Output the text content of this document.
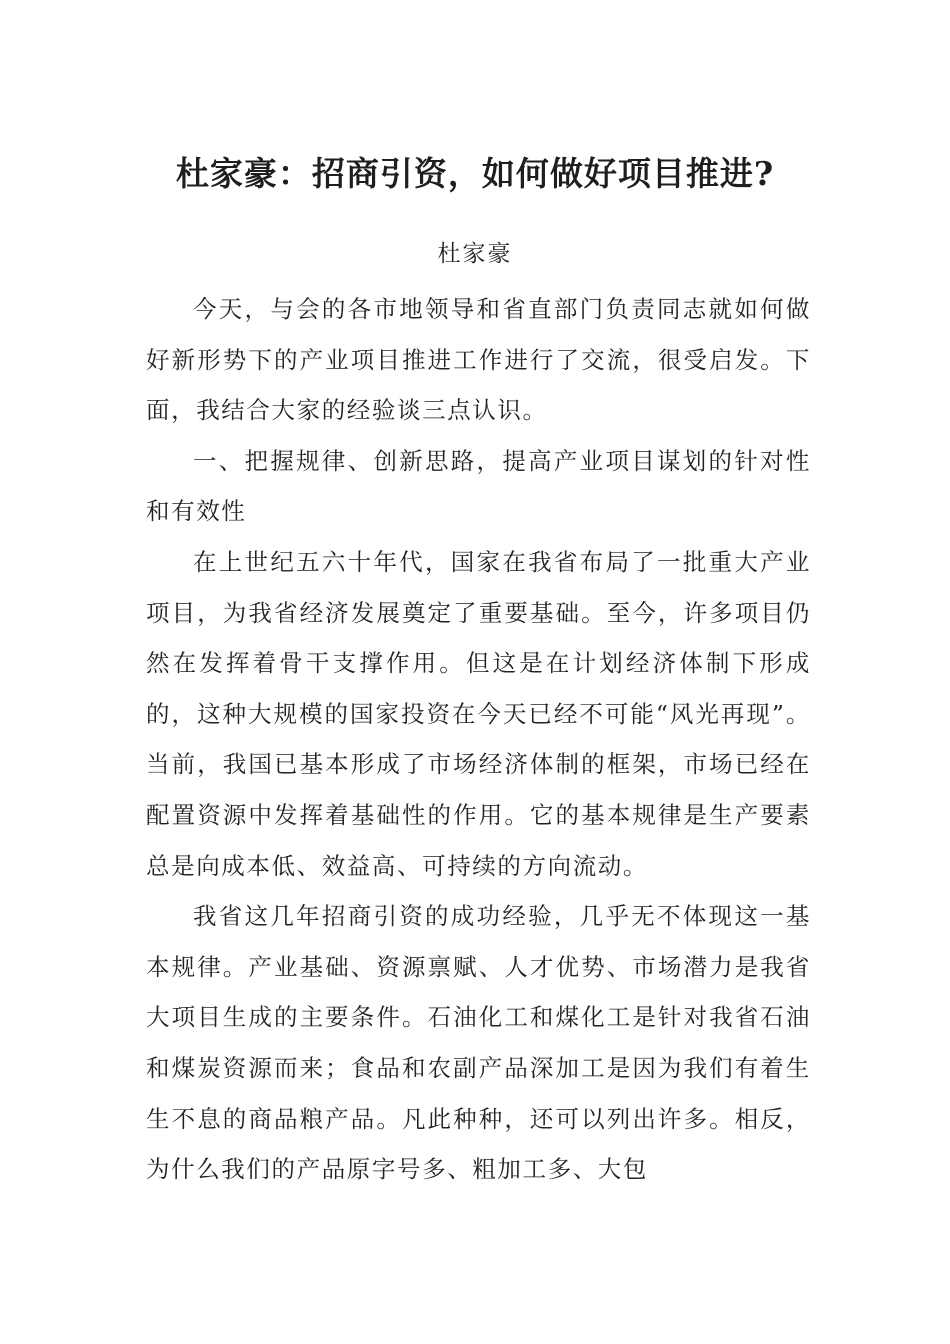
杜家豪：招商引资，如何做好项目推进?
杜家豪

今天，与会的各市地领导和省直部门负责同志就如何做好新形势下的产业项目推进工作进行了交流，很受启发。下面，我结合大家的经验谈三点认识。

一、把握规律、创新思路，提高产业项目谋划的针对性和有效性

在上世纪五六十年代，国家在我省布局了一批重大产业项目，为我省经济发展奠定了重要基础。至今，许多项目仍然在发挥着骨干支撑作用。但这是在计划经济体制下形成的，这种大规模的国家投资在今天已经不可能“风光再现”。当前，我国已基本形成了市场经济体制的框架，市场已经在配置资源中发挥着基础性的作用。它的基本规律是生产要素总是向成本低、效益高、可持续的方向流动。

我省这几年招商引资的成功经验，几乎无不体现这一基本规律。产业基础、资源禀赋、人才优势、市场潜力是我省大项目生成的主要条件。石油化工和煤化工是针对我省石油和煤炭资源而来；食品和农副产品深加工是因为我们有着生生不息的商品粮产品。凡此种种，还可以列出许多。相反，为什么我们的产品原字号多、粗加工多、大包
